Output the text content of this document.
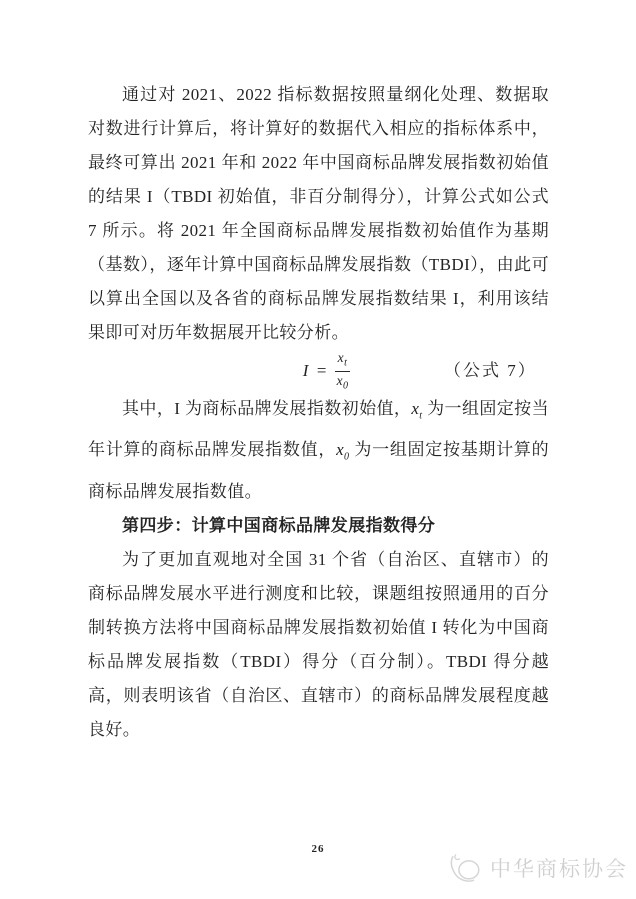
通过对 2021、2022 指标数据按照量纲化处理、数据取对数进行计算后，将计算好的数据代入相应的指标体系中，最终可算出 2021 年和 2022 年中国商标品牌发展指数初始值的结果 I（TBDI 初始值，非百分制得分），计算公式如公式 7 所示。将 2021 年全国商标品牌发展指数初始值作为基期（基数），逐年计算中国商标品牌发展指数（TBDI），由此可以算出全国以及各省的商标品牌发展指数结果 I，利用该结果即可对历年数据展开比较分析。

$I = \frac{x_t}{x_0}$	（公式 7）

其中，I 为商标品牌发展指数初始值，$x_t$ 为一组固定按当年计算的商标品牌发展指数值，$x_0$ 为一组固定按基期计算的商标品牌发展指数值。

第四步：计算中国商标品牌发展指数得分

为了更加直观地对全国 31 个省（自治区、直辖市）的商标品牌发展水平进行测度和比较，课题组按照通用的百分制转换方法将中国商标品牌发展指数初始值 I 转化为中国商标品牌发展指数（TBDI）得分（百分制）。TBDI 得分越高，则表明该省（自治区、直辖市）的商标品牌发展程度越良好。

26
中华商标协会
